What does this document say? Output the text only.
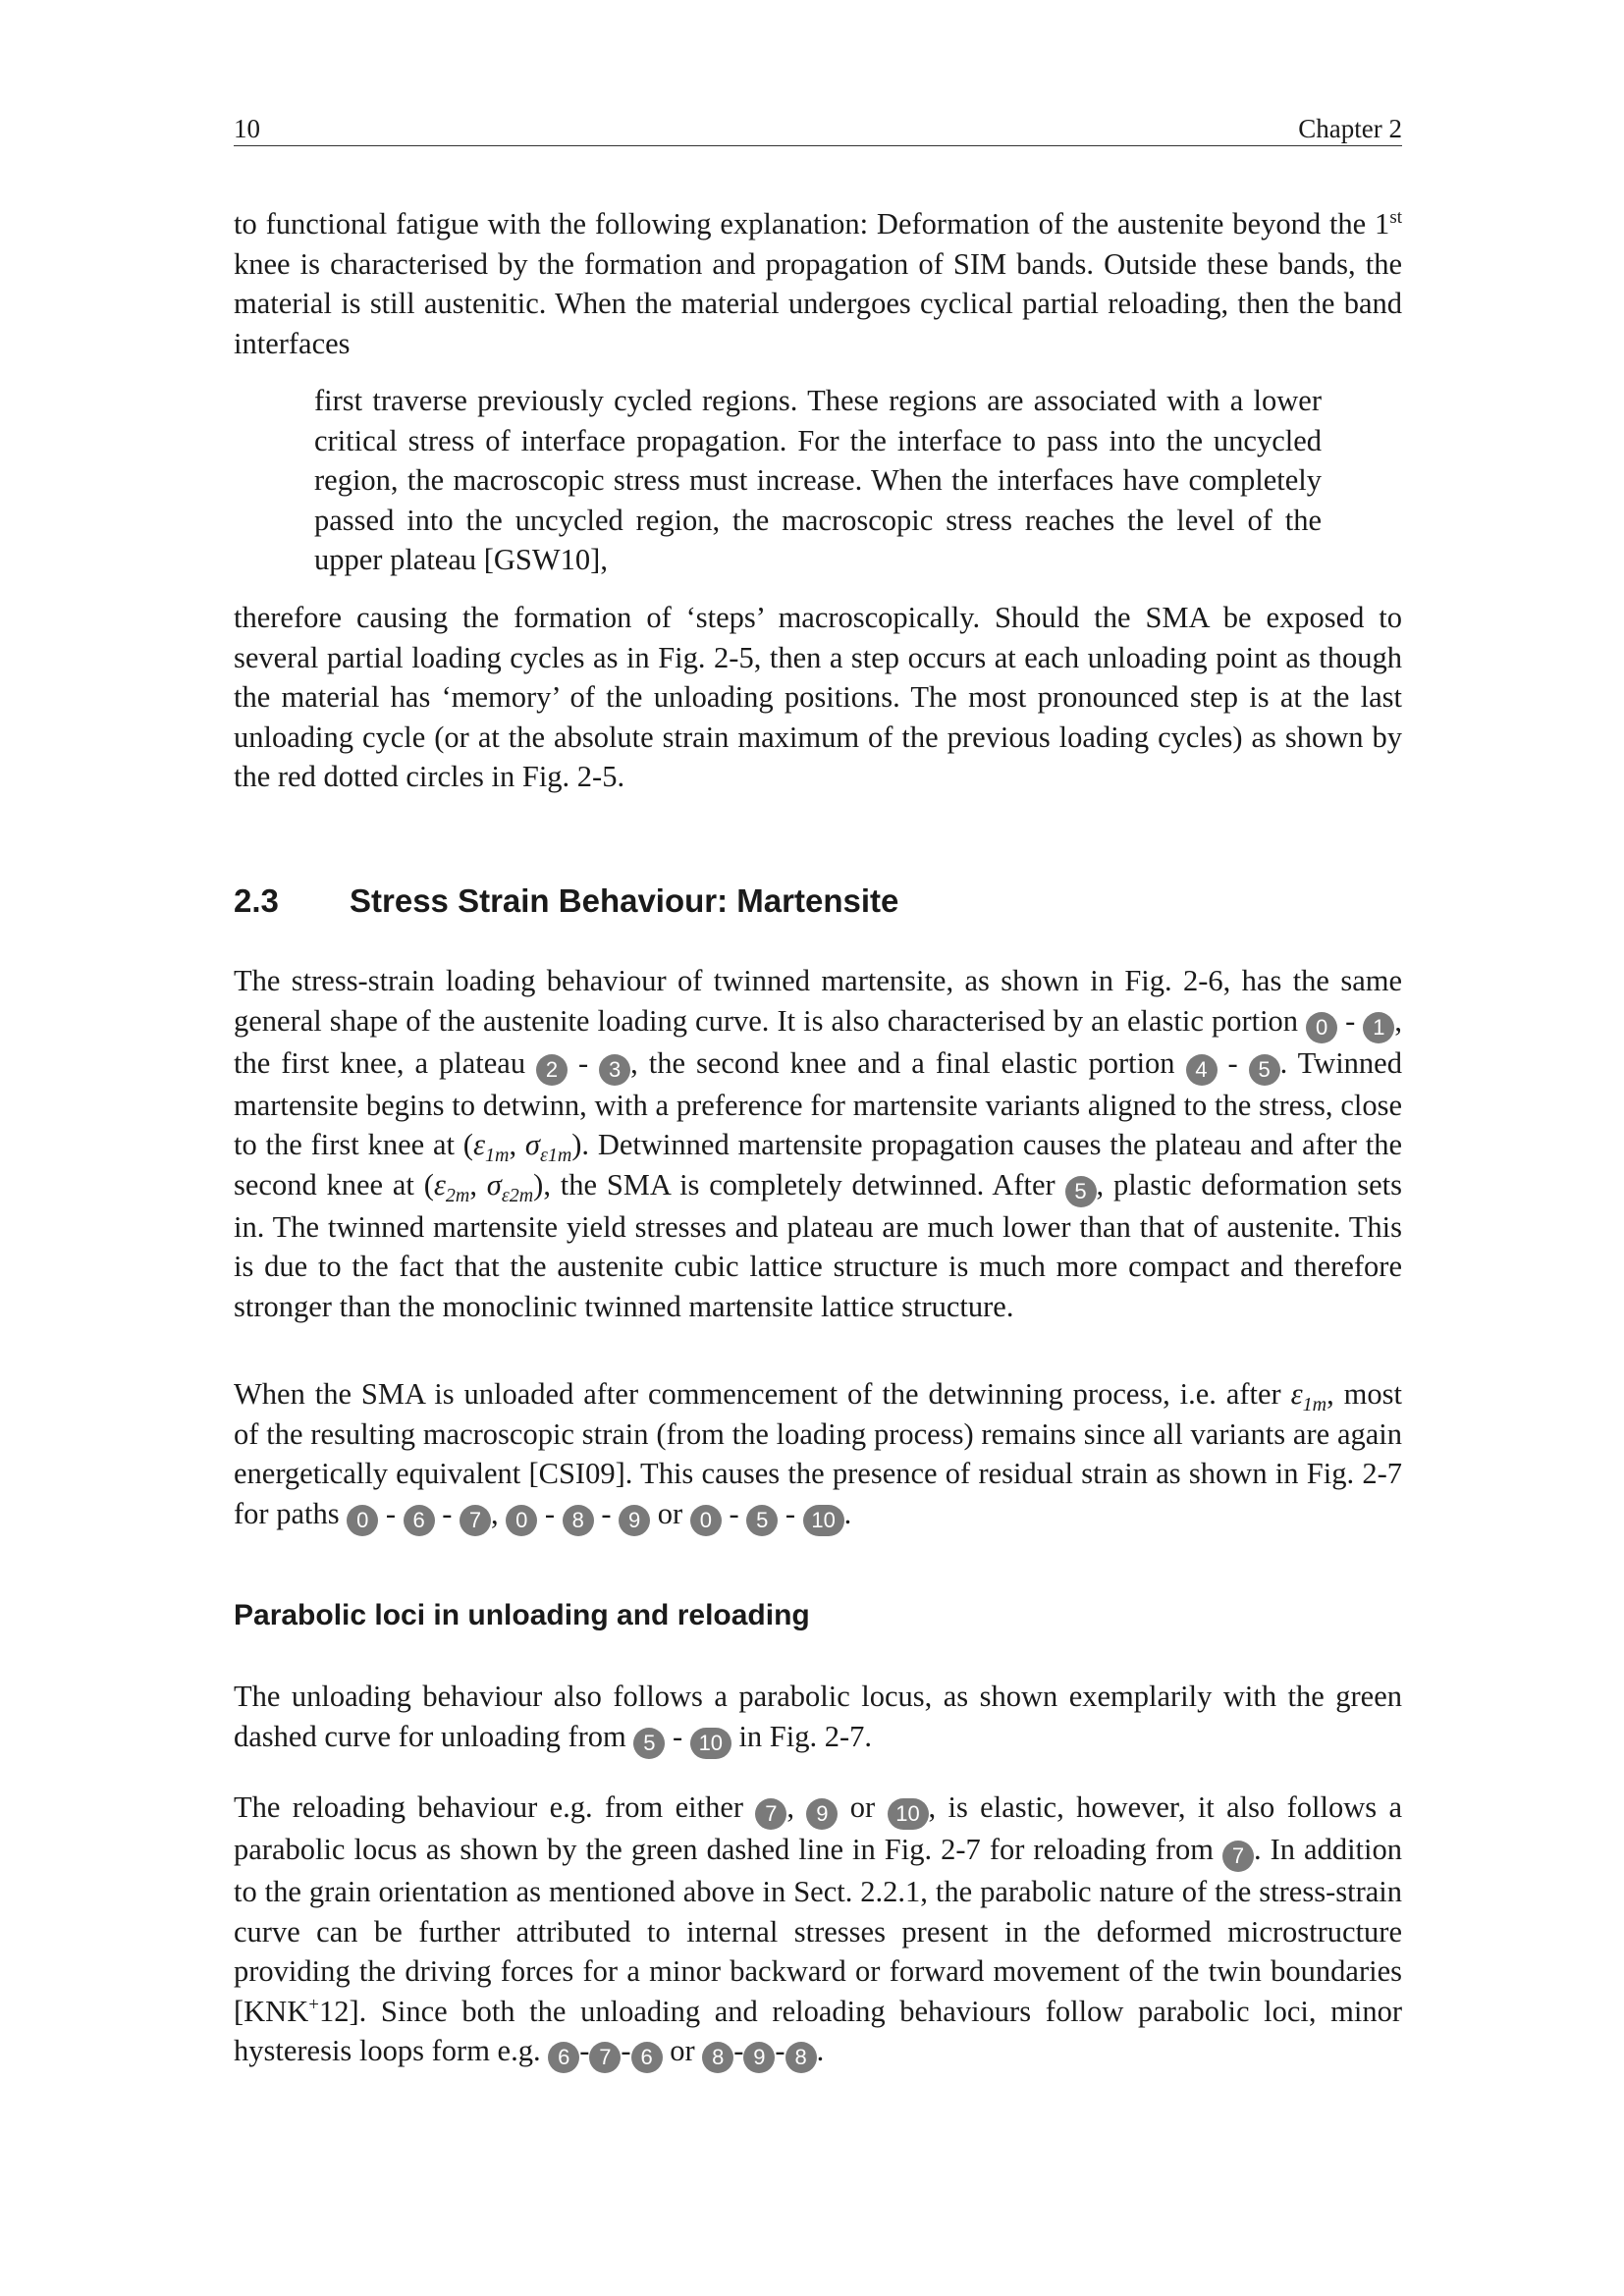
10	Chapter 2

to functional fatigue with the following explanation: Deformation of the austenite beyond the 1st knee is characterised by the formation and propagation of SIM bands. Outside these bands, the material is still austenitic. When the material undergoes cyclical partial reloading, then the band interfaces

first traverse previously cycled regions. These regions are associated with a lower critical stress of interface propagation. For the interface to pass into the uncycled region, the macroscopic stress must increase. When the interfaces have completely passed into the uncycled region, the macroscopic stress reaches the level of the upper plateau [GSW10],

therefore causing the formation of ‘steps’ macroscopically. Should the SMA be exposed to several partial loading cycles as in Fig. 2-5, then a step occurs at each unloading point as though the material has ‘memory’ of the unloading positions. The most pronounced step is at the last unloading cycle (or at the absolute strain maximum of the previous loading cycles) as shown by the red dotted circles in Fig. 2-5.

2.3 Stress Strain Behaviour: Martensite

The stress-strain loading behaviour of twinned martensite, as shown in Fig. 2-6, has the same general shape of the austenite loading curve. It is also characterised by an elastic portion 0 - 1 , the first knee, a plateau 2 - 3 , the second knee and a final elastic portion 4 - 5 . Twinned martensite begins to detwinn, with a preference for martensite variants aligned to the stress, close to the first knee at ($\varepsilon_{1m}$, $\sigma_{\varepsilon 1m}$). Detwinned martensite propagation causes the plateau and after the second knee at ($\varepsilon_{2m}$, $\sigma_{\varepsilon 2m}$), the SMA is completely detwinned. After 5 , plastic deformation sets in. The twinned martensite yield stresses and plateau are much lower than that of austenite. This is due to the fact that the austenite cubic lattice structure is much more compact and therefore stronger than the monoclinic twinned martensite lattice structure.

When the SMA is unloaded after commencement of the detwinning process, i.e. after $\varepsilon_{1m}$, most of the resulting macroscopic strain (from the loading process) remains since all variants are again energetically equivalent [CSI09]. This causes the presence of residual strain as shown in Fig. 2-7 for paths 0 - 6 - 7 , 0 - 8 - 9 or 0 - 5 - 10 .

Parabolic loci in unloading and reloading

The unloading behaviour also follows a parabolic locus, as shown exemplarily with the green dashed curve for unloading from 5 - 10 in Fig. 2-7.

The reloading behaviour e.g. from either 7 , 9 or 10 , is elastic, however, it also follows a parabolic locus as shown by the green dashed line in Fig. 2-7 for reloading from 7 . In addition to the grain orientation as mentioned above in Sect. 2.2.1, the parabolic nature of the stress-strain curve can be further attributed to internal stresses present in the deformed microstructure providing the driving forces for a minor backward or forward movement of the twin boundaries [KNK+12]. Since both the unloading and reloading behaviours follow parabolic loci, minor hysteresis loops form e.g. 6 - 7 - 6 or 8 - 9 - 8 .
